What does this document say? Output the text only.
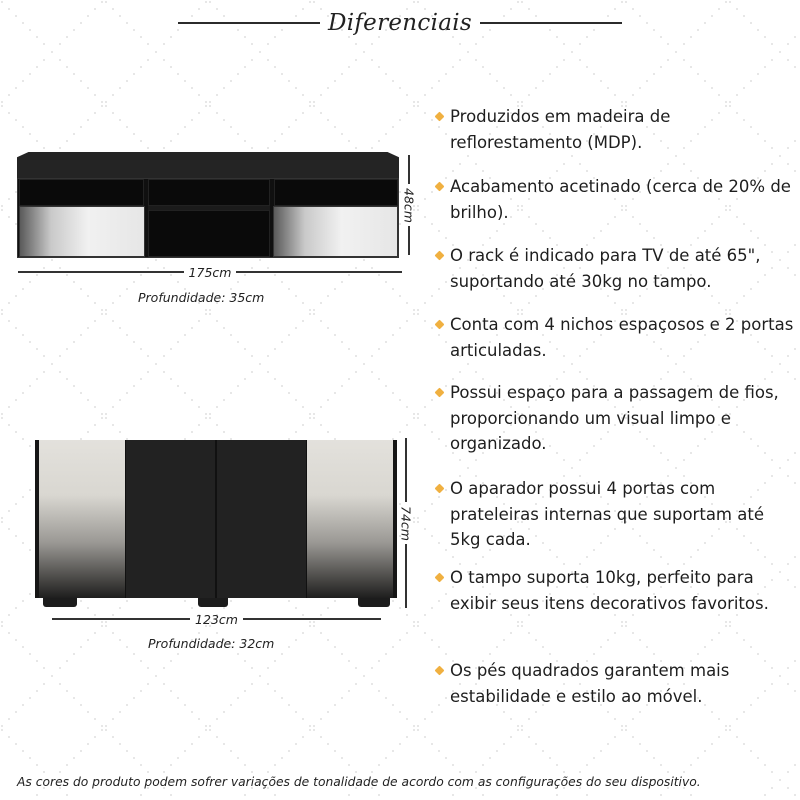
Diferenciais
48cm
175cm
Profundidade: 35cm
74cm
123cm
Profundidade: 32cm
Produzidos em madeira de reflorestamento (MDP).
Acabamento acetinado (cerca de 20% de brilho).
O rack é indicado para TV de até 65", suportando até 30kg no tampo.
Conta com 4 nichos espaçosos e 2 portas articuladas.
Possui espaço para a passagem de fios, proporcionando um visual limpo e organizado.
O aparador possui 4 portas com prateleiras internas que suportam até 5kg cada.
O tampo suporta 10kg, perfeito para exibir seus itens decorativos favoritos.
Os pés quadrados garantem mais estabilidade e estilo ao móvel.
As cores do produto podem sofrer variações de tonalidade de acordo com as configurações do seu dispositivo.
